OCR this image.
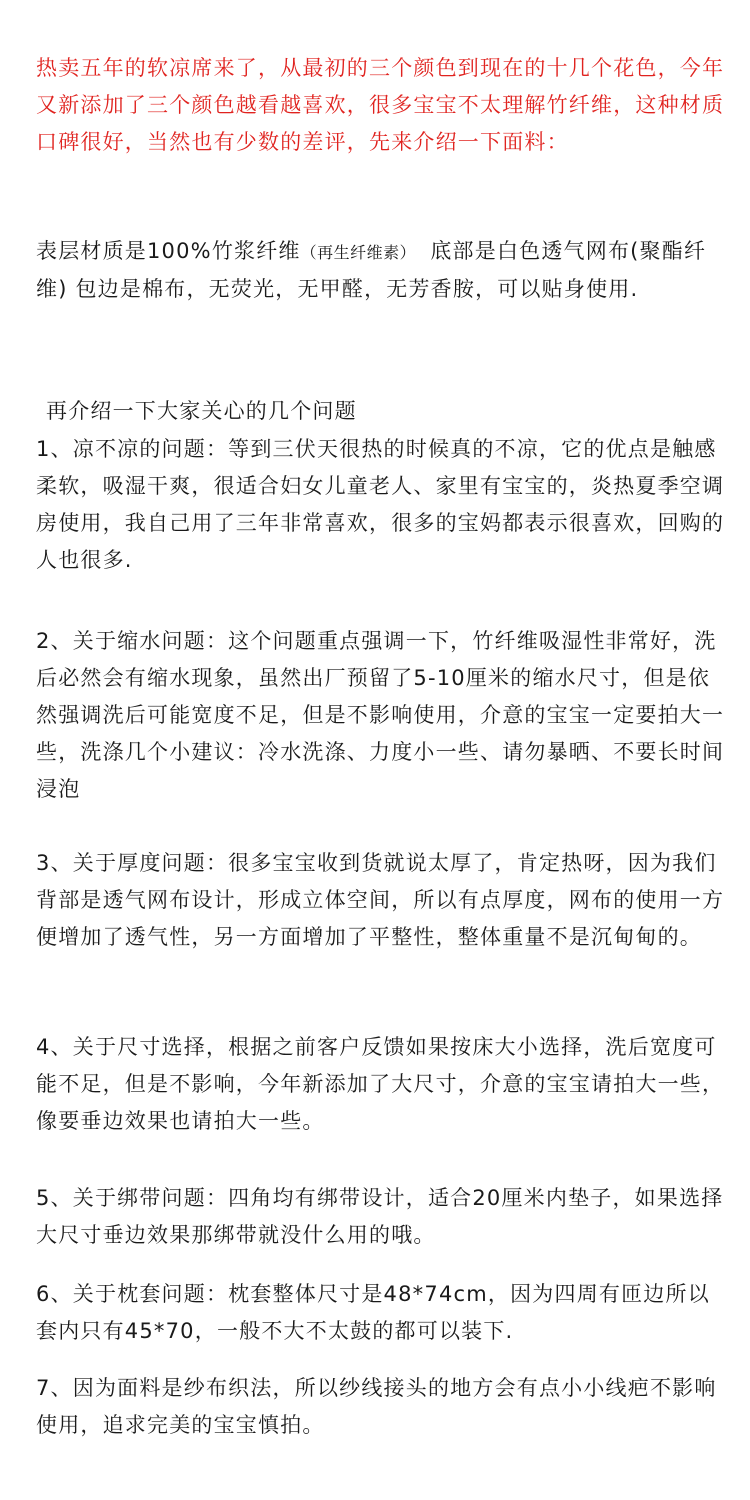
热卖五年的软凉席来了，从最初的三个颜色到现在的十几个花色，今年又新添加了三个颜色越看越喜欢，很多宝宝不太理解竹纤维，这种材质口碑很好，当然也有少数的差评，先来介绍一下面料：

表层材质是100%竹浆纤维（再生纤维素）　底部是白色透气网布(聚酯纤维) 包边是棉布，无荧光，无甲醛，无芳香胺，可以贴身使用.

再介绍一下大家关心的几个问题

1、凉不凉的问题：等到三伏天很热的时候真的不凉，它的优点是触感柔软，吸湿干爽，很适合妇女儿童老人、家里有宝宝的，炎热夏季空调房使用，我自己用了三年非常喜欢，很多的宝妈都表示很喜欢，回购的人也很多.

2、关于缩水问题：这个问题重点强调一下，竹纤维吸湿性非常好，洗后必然会有缩水现象，虽然出厂预留了5-10厘米的缩水尺寸，但是依然强调洗后可能宽度不足，但是不影响使用，介意的宝宝一定要拍大一些，洗涤几个小建议：冷水洗涤、力度小一些、请勿暴晒、不要长时间浸泡

3、关于厚度问题：很多宝宝收到货就说太厚了，肯定热呀，因为我们背部是透气网布设计，形成立体空间，所以有点厚度，网布的使用一方便增加了透气性，另一方面增加了平整性，整体重量不是沉甸甸的。

4、关于尺寸选择，根据之前客户反馈如果按床大小选择，洗后宽度可能不足，但是不影响，今年新添加了大尺寸，介意的宝宝请拍大一些，像要垂边效果也请拍大一些。

5、关于绑带问题：四角均有绑带设计，适合20厘米内垫子，如果选择大尺寸垂边效果那绑带就没什么用的哦。

6、关于枕套问题：枕套整体尺寸是48*74cm，因为四周有匝边所以套内只有45*70，一般不大不太鼓的都可以装下.

7、因为面料是纱布织法，所以纱线接头的地方会有点小小线疤不影响使用，追求完美的宝宝慎拍。
